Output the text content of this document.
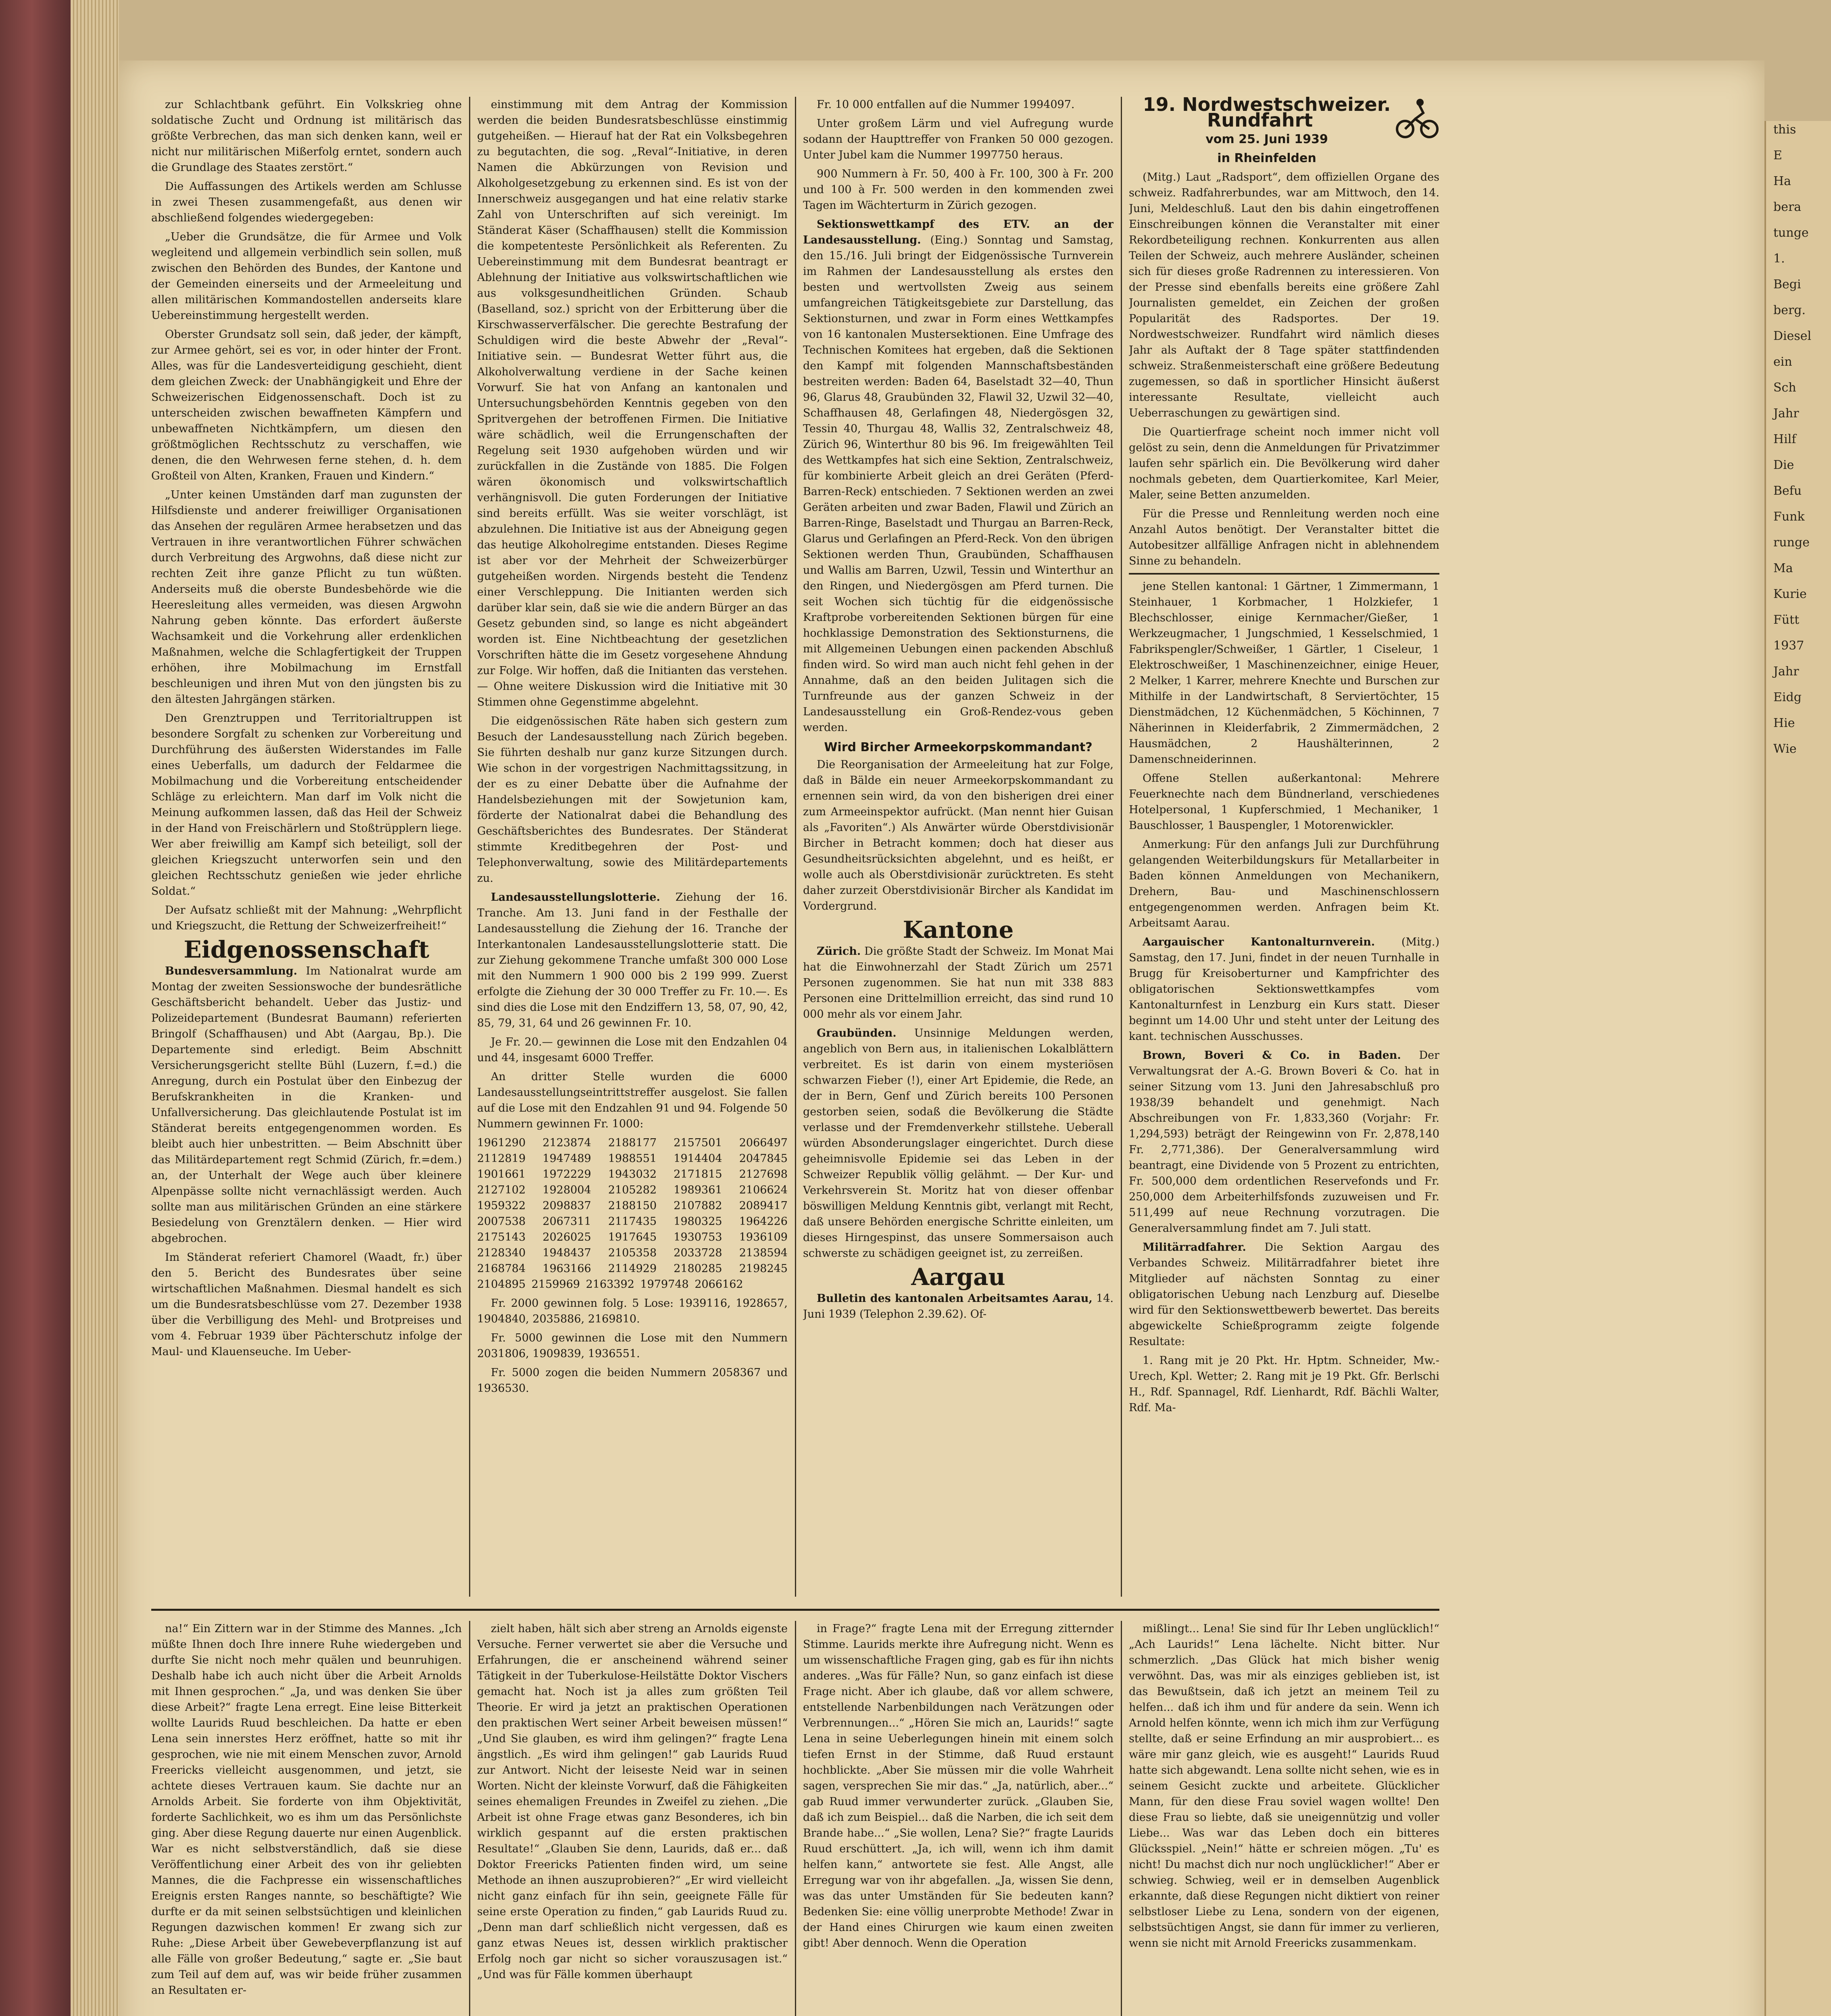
zur Schlachtbank geführt. Ein Volkskrieg ohne soldatische Zucht und Ordnung ist militärisch das größte Verbrechen, das man sich denken kann, weil er nicht nur militärischen Mißerfolg erntet, sondern auch die Grundlage des Staates zerstört.“

Die Auffassungen des Artikels werden am Schlusse in zwei Thesen zusammengefaßt, aus denen wir abschließend folgendes wiedergegeben:

„Ueber die Grundsätze, die für Armee und Volk wegleitend und allgemein verbindlich sein sollen, muß zwischen den Behörden des Bundes, der Kantone und der Gemeinden einerseits und der Armeeleitung und allen militärischen Kommandostellen anderseits klare Uebereinstimmung hergestellt werden.

Oberster Grundsatz soll sein, daß jeder, der kämpft, zur Armee gehört, sei es vor, in oder hinter der Front. Alles, was für die Landesverteidigung geschieht, dient dem gleichen Zweck: der Unabhängigkeit und Ehre der Schweizerischen Eidgenossenschaft. Doch ist zu unterscheiden zwischen bewaffneten Kämpfern und unbewaffneten Nichtkämpfern, um diesen den größtmöglichen Rechtsschutz zu verschaffen, wie denen, die den Wehrwesen ferne stehen, d. h. dem Großteil von Alten, Kranken, Frauen und Kindern.“

„Unter keinen Umständen darf man zugunsten der Hilfsdienste und anderer freiwilliger Organisationen das Ansehen der regulären Armee herabsetzen und das Vertrauen in ihre verantwortlichen Führer schwächen durch Verbreitung des Argwohns, daß diese nicht zur rechten Zeit ihre ganze Pflicht zu tun wüßten. Anderseits muß die oberste Bundesbehörde wie die Heeresleitung alles vermeiden, was diesen Argwohn Nahrung geben könnte. Das erfordert äußerste Wachsamkeit und die Vorkehrung aller erdenklichen Maßnahmen, welche die Schlagfertigkeit der Truppen erhöhen, ihre Mobilmachung im Ernstfall beschleunigen und ihren Mut von den jüngsten bis zu den ältesten Jahrgängen stärken.

Den Grenztruppen und Territorialtruppen ist besondere Sorgfalt zu schenken zur Vorbereitung und Durchführung des äußersten Widerstandes im Falle eines Ueberfalls, um dadurch der Feldarmee die Mobilmachung und die Vorbereitung entscheidender Schläge zu erleichtern. Man darf im Volk nicht die Meinung aufkommen lassen, daß das Heil der Schweiz in der Hand von Freischärlern und Stoßtrüpplern liege. Wer aber freiwillig am Kampf sich beteiligt, soll der gleichen Kriegszucht unterworfen sein und den gleichen Rechtsschutz genießen wie jeder ehrliche Soldat.“

Der Aufsatz schließt mit der Mahnung: „Wehrpflicht und Kriegszucht, die Rettung der Schweizerfreiheit!“

Eidgenossenschaft

Bundesversammlung. Im Nationalrat wurde am Montag der zweiten Sessionswoche der bundesrätliche Geschäftsbericht behandelt. Ueber das Justiz- und Polizeidepartement (Bundesrat Baumann) referierten Bringolf (Schaffhausen) und Abt (Aargau, Bp.). Die Departemente sind erledigt. Beim Abschnitt Versicherungsgericht stellte Bühl (Luzern, f.=d.) die Anregung, durch ein Postulat über den Einbezug der Berufskrankheiten in die Kranken- und Unfallversicherung. Das gleichlautende Postulat ist im Ständerat bereits entgegengenommen worden. Es bleibt auch hier unbestritten. — Beim Abschnitt über das Militärdepartement regt Schmid (Zürich, fr.=dem.) an, der Unterhalt der Wege auch über kleinere Alpenpässe sollte nicht vernachlässigt werden. Auch sollte man aus militärischen Gründen an eine stärkere Besiedelung von Grenztälern denken. — Hier wird abgebrochen.

Im Ständerat referiert Chamorel (Waadt, fr.) über den 5. Bericht des Bundesrates über seine wirtschaftlichen Maßnahmen. Diesmal handelt es sich um die Bundesratsbeschlüsse vom 27. Dezember 1938 über die Verbilligung des Mehl- und Brotpreises und vom 4. Februar 1939 über Pächterschutz infolge der Maul- und Klauenseuche. Im Ueber-

einstimmung mit dem Antrag der Kommission werden die beiden Bundesratsbeschlüsse einstimmig gutgeheißen. — Hierauf hat der Rat ein Volksbegehren zu begutachten, die sog. „Reval“-Initiative, in deren Namen die Abkürzungen von Revision und Alkoholgesetzgebung zu erkennen sind. Es ist von der Innerschweiz ausgegangen und hat eine relativ starke Zahl von Unterschriften auf sich vereinigt. Im Ständerat Käser (Schaffhausen) stellt die Kommission die kompetenteste Persönlichkeit als Referenten. Zu Uebereinstimmung mit dem Bundesrat beantragt er Ablehnung der Initiative aus volkswirtschaftlichen wie aus volksgesundheitlichen Gründen. Schaub (Baselland, soz.) spricht von der Erbitterung über die Kirschwasserverfälscher. Die gerechte Bestrafung der Schuldigen wird die beste Abwehr der „Reval“-Initiative sein. — Bundesrat Wetter führt aus, die Alkoholverwaltung verdiene in der Sache keinen Vorwurf. Sie hat von Anfang an kantonalen und Untersuchungsbehörden Kenntnis gegeben von den Spritvergehen der betroffenen Firmen. Die Initiative wäre schädlich, weil die Errungenschaften der Regelung seit 1930 aufgehoben würden und wir zurückfallen in die Zustände von 1885. Die Folgen wären ökonomisch und volkswirtschaftlich verhängnisvoll. Die guten Forderungen der Initiative sind bereits erfüllt. Was sie weiter vorschlägt, ist abzulehnen. Die Initiative ist aus der Abneigung gegen das heutige Alkoholregime entstanden. Dieses Regime ist aber vor der Mehrheit der Schweizerbürger gutgeheißen worden. Nirgends besteht die Tendenz einer Verschleppung. Die Initianten werden sich darüber klar sein, daß sie wie die andern Bürger an das Gesetz gebunden sind, so lange es nicht abgeändert worden ist. Eine Nichtbeachtung der gesetzlichen Vorschriften hätte die im Gesetz vorgesehene Ahndung zur Folge. Wir hoffen, daß die Initianten das verstehen. — Ohne weitere Diskussion wird die Initiative mit 30 Stimmen ohne Gegenstimme abgelehnt.

Die eidgenössischen Räte haben sich gestern zum Besuch der Landesausstellung nach Zürich begeben. Sie führten deshalb nur ganz kurze Sitzungen durch. Wie schon in der vorgestrigen Nachmittagssitzung, in der es zu einer Debatte über die Aufnahme der Handelsbeziehungen mit der Sowjetunion kam, förderte der Nationalrat dabei die Behandlung des Geschäftsberichtes des Bundesrates. Der Ständerat stimmte Kreditbegehren der Post- und Telephonverwaltung, sowie des Militärdepartements zu.

Landesausstellungslotterie. Ziehung der 16. Tranche. Am 13. Juni fand in der Festhalle der Landesausstellung die Ziehung der 16. Tranche der Interkantonalen Landesausstellungslotterie statt. Die zur Ziehung gekommene Tranche umfaßt 300 000 Lose mit den Nummern 1 900 000 bis 2 199 999. Zuerst erfolgte die Ziehung der 30 000 Treffer zu Fr. 10.—. Es sind dies die Lose mit den Endziffern 13, 58, 07, 90, 42, 85, 79, 31, 64 und 26 gewinnen Fr. 10.

Je Fr. 20.— gewinnen die Lose mit den Endzahlen 04 und 44, insgesamt 6000 Treffer.

An dritter Stelle wurden die 6000 Landesausstellungseintrittstreffer ausgelost. Sie fallen auf die Lose mit den Endzahlen 91 und 94. Folgende 50 Nummern gewinnen Fr. 1000:

1961290 2123874 2188177 2157501 2066497 2112819 1947489 1988551 1914404 2047845 1901661 1972229 1943032 2171815 2127698 2127102 1928004 2105282 1989361 2106624 1959322 2098837 2188150 2107882 2089417 2007538 2067311 2117435 1980325 1964226 2175143 2026025 1917645 1930753 1936109 2128340 1948437 2105358 2033728 2138594 2168784 1963166 2114929 2180285 2198245 2104895 2159969 2163392 1979748 2066162

Fr. 2000 gewinnen folg. 5 Lose: 1939116, 1928657, 1904840, 2035886, 2169810.

Fr. 5000 gewinnen die Lose mit den Nummern 2031806, 1909839, 1936551.

Fr. 5000 zogen die beiden Nummern 2058367 und 1936530.

Fr. 10 000 entfallen auf die Nummer 1994097.

Unter großem Lärm und viel Aufregung wurde sodann der Haupttreffer von Franken 50 000 gezogen. Unter Jubel kam die Nummer 1997750 heraus.

900 Nummern à Fr. 50, 400 à Fr. 100, 300 à Fr. 200 und 100 à Fr. 500 werden in den kommenden zwei Tagen im Wächterturm in Zürich gezogen.

Sektionswettkampf des ETV. an der Landesausstellung. (Eing.) Sonntag und Samstag, den 15./16. Juli bringt der Eidgenössische Turnverein im Rahmen der Landesausstellung als erstes den besten und wertvollsten Zweig aus seinem umfangreichen Tätigkeitsgebiete zur Darstellung, das Sektionsturnen, und zwar in Form eines Wettkampfes von 16 kantonalen Mustersektionen. Eine Umfrage des Technischen Komitees hat ergeben, daß die Sektionen den Kampf mit folgenden Mannschaftsbeständen bestreiten werden: Baden 64, Baselstadt 32—40, Thun 96, Glarus 48, Graubünden 32, Flawil 32, Uzwil 32—40, Schaffhausen 48, Gerlafingen 48, Niedergösgen 32, Tessin 40, Thurgau 48, Wallis 32, Zentralschweiz 48, Zürich 96, Winterthur 80 bis 96. Im freigewählten Teil des Wettkampfes hat sich eine Sektion, Zentralschweiz, für kombinierte Arbeit gleich an drei Geräten (Pferd-Barren-Reck) entschieden. 7 Sektionen werden an zwei Geräten arbeiten und zwar Baden, Flawil und Zürich an Barren-Ringe, Baselstadt und Thurgau an Barren-Reck, Glarus und Gerlafingen an Pferd-Reck. Von den übrigen Sektionen werden Thun, Graubünden, Schaffhausen und Wallis am Barren, Uzwil, Tessin und Winterthur an den Ringen, und Niedergösgen am Pferd turnen. Die seit Wochen sich tüchtig für die eidgenössische Kraftprobe vorbereitenden Sektionen bürgen für eine hochklassige Demonstration des Sektionsturnens, die mit Allgemeinen Uebungen einen packenden Abschluß finden wird. So wird man auch nicht fehl gehen in der Annahme, daß an den beiden Julitagen sich die Turnfreunde aus der ganzen Schweiz in der Landesausstellung ein Groß-Rendez-vous geben werden.

Wird Bircher Armeekorpskommandant?

Die Reorganisation der Armeeleitung hat zur Folge, daß in Bälde ein neuer Armeekorpskommandant zu ernennen sein wird, da von den bisherigen drei einer zum Armeeinspektor aufrückt. (Man nennt hier Guisan als „Favoriten“.) Als Anwärter würde Oberstdivisionär Bircher in Betracht kommen; doch hat dieser aus Gesundheitsrücksichten abgelehnt, und es heißt, er wolle auch als Oberstdivisionär zurücktreten. Es steht daher zurzeit Oberstdivisionär Bircher als Kandidat im Vordergrund.

Kantone

Zürich. Die größte Stadt der Schweiz. Im Monat Mai hat die Einwohnerzahl der Stadt Zürich um 2571 Personen zugenommen. Sie hat nun mit 338 883 Personen eine Drittelmillion erreicht, das sind rund 10 000 mehr als vor einem Jahr.

Graubünden. Unsinnige Meldungen werden, angeblich von Bern aus, in italienischen Lokalblättern verbreitet. Es ist darin von einem mysteriösen schwarzen Fieber (!), einer Art Epidemie, die Rede, an der in Bern, Genf und Zürich bereits 100 Personen gestorben seien, sodaß die Bevölkerung die Städte verlasse und der Fremdenverkehr stillstehe. Ueberall würden Absonderungslager eingerichtet. Durch diese geheimnisvolle Epidemie sei das Leben in der Schweizer Republik völlig gelähmt. — Der Kur- und Verkehrsverein St. Moritz hat von dieser offenbar böswilligen Meldung Kenntnis gibt, verlangt mit Recht, daß unsere Behörden energische Schritte einleiten, um dieses Hirngespinst, das unsere Sommersaison auch schwerste zu schädigen geeignet ist, zu zerreißen.

Aargau

Bulletin des kantonalen Arbeitsamtes Aarau, 14. Juni 1939 (Telephon 2.39.62). Of-

19. Nordwestschweizer. Rundfahrt

vom 25. Juni 1939

in Rheinfelden

(Mitg.) Laut „Radsport“, dem offiziellen Organe des schweiz. Radfahrerbundes, war am Mittwoch, den 14. Juni, Meldeschluß. Laut den bis dahin eingetroffenen Einschreibungen können die Veranstalter mit einer Rekordbeteiligung rechnen. Konkurrenten aus allen Teilen der Schweiz, auch mehrere Ausländer, scheinen sich für dieses große Radrennen zu interessieren. Von der Presse sind ebenfalls bereits eine größere Zahl Journalisten gemeldet, ein Zeichen der großen Popularität des Radsportes. Der 19. Nordwestschweizer. Rundfahrt wird nämlich dieses Jahr als Auftakt der 8 Tage später stattfindenden schweiz. Straßenmeisterschaft eine größere Bedeutung zugemessen, so daß in sportlicher Hinsicht äußerst interessante Resultate, vielleicht auch Ueberraschungen zu gewärtigen sind.

Die Quartierfrage scheint noch immer nicht voll gelöst zu sein, denn die Anmeldungen für Privatzimmer laufen sehr spärlich ein. Die Bevölkerung wird daher nochmals gebeten, dem Quartierkomitee, Karl Meier, Maler, seine Betten anzumelden.

Für die Presse und Rennleitung werden noch eine Anzahl Autos benötigt. Der Veranstalter bittet die Autobesitzer allfällige Anfragen nicht in ablehnendem Sinne zu behandeln.

jene Stellen kantonal: 1 Gärtner, 1 Zimmermann, 1 Steinhauer, 1 Korbmacher, 1 Holzkiefer, 1 Blechschlosser, einige Kernmacher/Gießer, 1 Werkzeugmacher, 1 Jungschmied, 1 Kesselschmied, 1 Fabrikspengler/Schweißer, 1 Gärtler, 1 Ciseleur, 1 Elektroschweißer, 1 Maschinenzeichner, einige Heuer, 2 Melker, 1 Karrer, mehrere Knechte und Burschen zur Mithilfe in der Landwirtschaft, 8 Serviertöchter, 15 Dienstmädchen, 12 Küchenmädchen, 5 Köchinnen, 7 Näherinnen in Kleiderfabrik, 2 Zimmermädchen, 2 Hausmädchen, 2 Haushälterinnen, 2 Damenschneiderinnen.

Offene Stellen außerkantonal: Mehrere Feuerknechte nach dem Bündnerland, verschiedenes Hotelpersonal, 1 Kupferschmied, 1 Mechaniker, 1 Bauschlosser, 1 Bauspengler, 1 Motorenwickler.

Anmerkung: Für den anfangs Juli zur Durchführung gelangenden Weiterbildungskurs für Metallarbeiter in Baden können Anmeldungen von Mechanikern, Drehern, Bau- und Maschinenschlossern entgegengenommen werden. Anfragen beim Kt. Arbeitsamt Aarau.

Aargauischer Kantonalturnverein. (Mitg.) Samstag, den 17. Juni, findet in der neuen Turnhalle in Brugg für Kreisoberturner und Kampfrichter des obligatorischen Sektionswettkampfes vom Kantonalturnfest in Lenzburg ein Kurs statt. Dieser beginnt um 14.00 Uhr und steht unter der Leitung des kant. technischen Ausschusses.

Brown, Boveri & Co. in Baden. Der Verwaltungsrat der A.-G. Brown Boveri & Co. hat in seiner Sitzung vom 13. Juni den Jahresabschluß pro 1938/39 behandelt und genehmigt. Nach Abschreibungen von Fr. 1,833,360 (Vorjahr: Fr. 1,294,593) beträgt der Reingewinn von Fr. 2,878,140 Fr. 2,771,386). Der Generalversammlung wird beantragt, eine Dividende von 5 Prozent zu entrichten, Fr. 500,000 dem ordentlichen Reservefonds und Fr. 250,000 dem Arbeiterhilfsfonds zuzuweisen und Fr. 511,499 auf neue Rechnung vorzutragen. Die Generalversammlung findet am 7. Juli statt.

Militärradfahrer. Die Sektion Aargau des Verbandes Schweiz. Militärradfahrer bietet ihre Mitglieder auf nächsten Sonntag zu einer obligatorischen Uebung nach Lenzburg auf. Dieselbe wird für den Sektionswettbewerb bewertet. Das bereits abgewickelte Schießprogramm zeigte folgende Resultate:

1. Rang mit je 20 Pkt. Hr. Hptm. Schneider, Mw.-Urech, Kpl. Wetter; 2. Rang mit je 19 Pkt. Gfr. Berlschi H., Rdf. Spannagel, Rdf. Lienhardt, Rdf. Bächli Walter, Rdf. Ma-

na!“ Ein Zittern war in der Stimme des Mannes. „Ich müßte Ihnen doch Ihre innere Ruhe wiedergeben und durfte Sie nicht noch mehr quälen und beunruhigen. Deshalb habe ich auch nicht über die Arbeit Arnolds mit Ihnen gesprochen.“ „Ja, und was denken Sie über diese Arbeit?“ fragte Lena erregt. Eine leise Bitterkeit wollte Laurids Ruud beschleichen. Da hatte er eben Lena sein innerstes Herz eröffnet, hatte so mit ihr gesprochen, wie nie mit einem Menschen zuvor, Arnold Freericks vielleicht ausgenommen, und jetzt, sie achtete dieses Vertrauen kaum. Sie dachte nur an Arnolds Arbeit. Sie forderte von ihm Objektivität, forderte Sachlichkeit, wo es ihm um das Persönlichste ging. Aber diese Regung dauerte nur einen Augenblick. War es nicht selbstverständlich, daß sie diese Veröffentlichung einer Arbeit des von ihr geliebten Mannes, die die Fachpresse ein wissenschaftliches Ereignis ersten Ranges nannte, so beschäftigte? Wie durfte er da mit seinen selbstsüchtigen und kleinlichen Regungen dazwischen kommen! Er zwang sich zur Ruhe: „Diese Arbeit über Gewebeverpflanzung ist auf alle Fälle von großer Bedeutung,“ sagte er. „Sie baut zum Teil auf dem auf, was wir beide früher zusammen an Resultaten er-

zielt haben, hält sich aber streng an Arnolds eigenste Versuche. Ferner verwertet sie aber die Versuche und Erfahrungen, die er anscheinend während seiner Tätigkeit in der Tuberkulose-Heilstätte Doktor Vischers gemacht hat. Noch ist ja alles zum größten Teil Theorie. Er wird ja jetzt an praktischen Operationen den praktischen Wert seiner Arbeit beweisen müssen!“ „Und Sie glauben, es wird ihm gelingen?“ fragte Lena ängstlich. „Es wird ihm gelingen!“ gab Laurids Ruud zur Antwort. Nicht der leiseste Neid war in seinen Worten. Nicht der kleinste Vorwurf, daß die Fähigkeiten seines ehemaligen Freundes in Zweifel zu ziehen. „Die Arbeit ist ohne Frage etwas ganz Besonderes, ich bin wirklich gespannt auf die ersten praktischen Resultate!“ „Glauben Sie denn, Laurids, daß er... daß Doktor Freericks Patienten finden wird, um seine Methode an ihnen auszuprobieren?“ „Er wird vielleicht nicht ganz einfach für ihn sein, geeignete Fälle für seine erste Operation zu finden,“ gab Laurids Ruud zu. „Denn man darf schließlich nicht vergessen, daß es ganz etwas Neues ist, dessen wirklich praktischer Erfolg noch gar nicht so sicher vorauszusagen ist.“ „Und was für Fälle kommen überhaupt

in Frage?“ fragte Lena mit der Erregung zitternder Stimme. Laurids merkte ihre Aufregung nicht. Wenn es um wissenschaftliche Fragen ging, gab es für ihn nichts anderes. „Was für Fälle? Nun, so ganz einfach ist diese Frage nicht. Aber ich glaube, daß vor allem schwere, entstellende Narbenbildungen nach Verätzungen oder Verbrennungen...“ „Hören Sie mich an, Laurids!“ sagte Lena in seine Ueberlegungen hinein mit einem solch tiefen Ernst in der Stimme, daß Ruud erstaunt hochblickte. „Aber Sie müssen mir die volle Wahrheit sagen, versprechen Sie mir das.“ „Ja, natürlich, aber...“ gab Ruud immer verwunderter zurück. „Glauben Sie, daß ich zum Beispiel... daß die Narben, die ich seit dem Brande habe...“ „Sie wollen, Lena? Sie?“ fragte Laurids Ruud erschüttert. „Ja, ich will, wenn ich ihm damit helfen kann,“ antwortete sie fest. Alle Angst, alle Erregung war von ihr abgefallen. „Ja, wissen Sie denn, was das unter Umständen für Sie bedeuten kann? Bedenken Sie: eine völlig unerprobte Methode! Zwar in der Hand eines Chirurgen wie kaum einen zweiten gibt! Aber dennoch. Wenn die Operation

mißlingt... Lena! Sie sind für Ihr Leben unglücklich!“ „Ach Laurids!“ Lena lächelte. Nicht bitter. Nur schmerzlich. „Das Glück hat mich bisher wenig verwöhnt. Das, was mir als einziges geblieben ist, ist das Bewußtsein, daß ich jetzt an meinem Teil zu helfen... daß ich ihm und für andere da sein. Wenn ich Arnold helfen könnte, wenn ich mich ihm zur Verfügung stellte, daß er seine Erfindung an mir ausprobiert... es wäre mir ganz gleich, wie es ausgeht!“ Laurids Ruud hatte sich abgewandt. Lena sollte nicht sehen, wie es in seinem Gesicht zuckte und arbeitete. Glücklicher Mann, für den diese Frau soviel wagen wollte! Den diese Frau so liebte, daß sie uneigennützig und voller Liebe... Was war das Leben doch ein bitteres Glücksspiel. „Nein!“ hätte er schreien mögen. „Tu' es nicht! Du machst dich nur noch unglücklicher!“ Aber er schwieg. Schwieg, weil er in demselben Augenblick erkannte, daß diese Regungen nicht diktiert von reiner selbstloser Liebe zu Lena, sondern von der eigenen, selbstsüchtigen Angst, sie dann für immer zu verlieren, wenn sie nicht mit Arnold Freericks zusammenkam.

this

E

Ha

bera

tunge

1.

Begi

berg.

Diesel

ein

Sch

Jahr

Hilf

Die

Befu

Funk

runge

Ma

Kurie

Fütt

1937

Jahr

Eidg

Hie

Wie
